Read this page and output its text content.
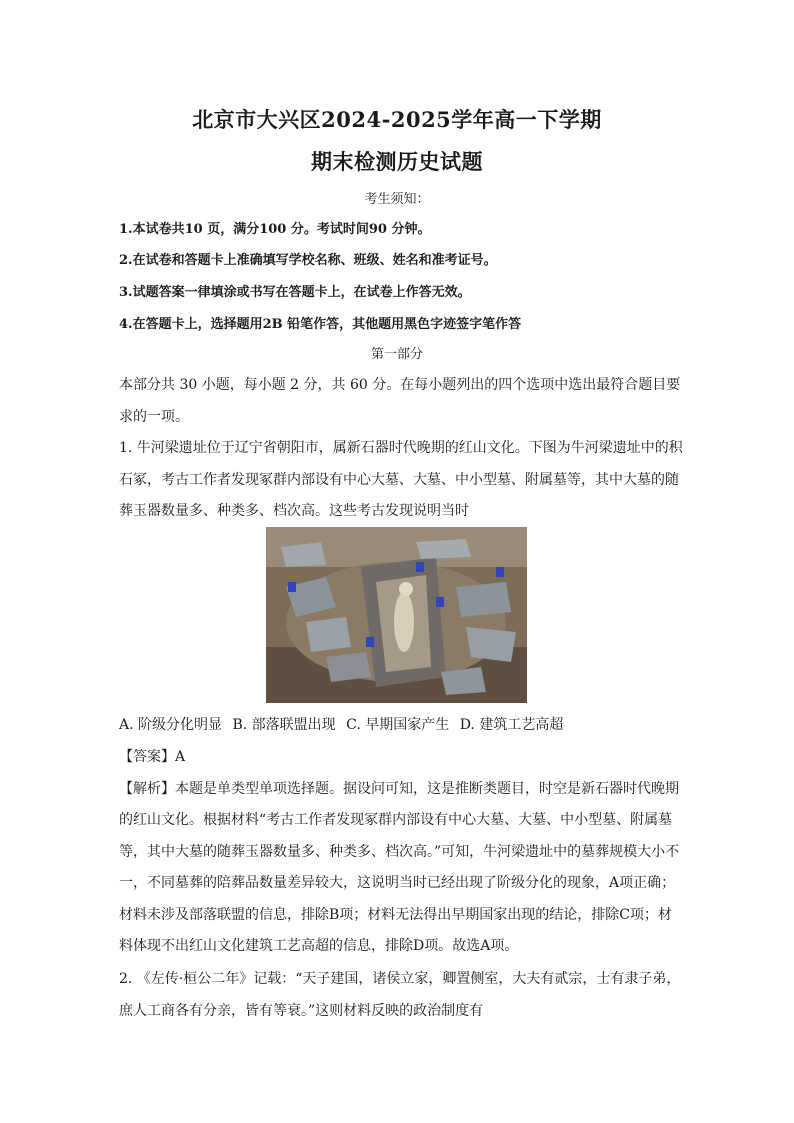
北京市大兴区2024-2025学年高一下学期
期末检测历史试题
考生须知：
1.本试卷共10 页，满分100 分。考试时间90 分钟。
2.在试卷和答题卡上准确填写学校名称、班级、姓名和准考证号。
3.试题答案一律填涂或书写在答题卡上，在试卷上作答无效。
4.在答题卡上，选择题用2B 铅笔作答，其他题用黑色字迹签字笔作答
第一部分

本部分共 30 小题，每小题 2 分，共 60 分。在每小题列出的四个选项中选出最符合题目要求的一项。

1. 牛河梁遗址位于辽宁省朝阳市，属新石器时代晚期的红山文化。下图为牛河梁遗址中的积石冢，考古工作者发现冢群内部设有中心大墓、大墓、中小型墓、附属墓等，其中大墓的随葬玉器数量多、种类多、档次高。这些考古发现说明当时

A. 阶级分化明显 B. 部落联盟出现 C. 早期国家产生 D. 建筑工艺高超

【答案】A

【解析】本题是单类型单项选择题。据设问可知，这是推断类题目，时空是新石器时代晚期的红山文化。根据材料“考古工作者发现冢群内部设有中心大墓、大墓、中小型墓、附属墓等，其中大墓的随葬玉器数量多、种类多、档次高。”可知，牛河梁遗址中的墓葬规模大小不一，不同墓葬的陪葬品数量差异较大，这说明当时已经出现了阶级分化的现象，A项正确；材料未涉及部落联盟的信息，排除B项；材料无法得出早期国家出现的结论，排除C项；材料体现不出红山文化建筑工艺高超的信息，排除D项。故选A项。

2. 《左传·桓公二年》记载：“天子建国，诸侯立家，卿置侧室，大夫有贰宗，士有隶子弟，庶人工商各有分亲，皆有等衰。”这则材料反映的政治制度有
